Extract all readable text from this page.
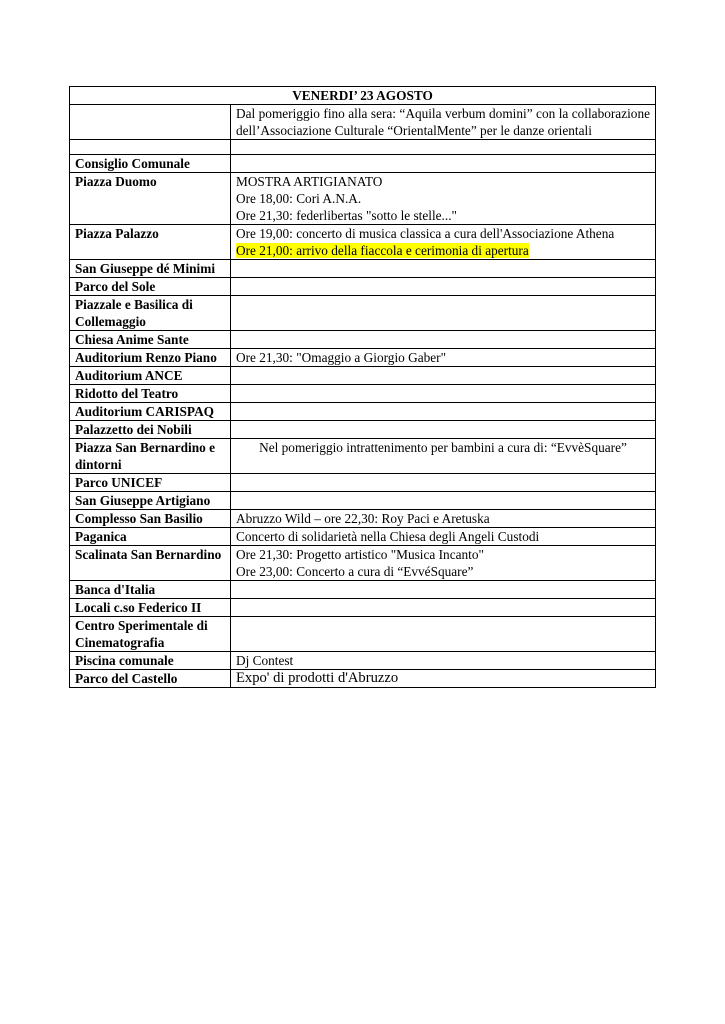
VENERDI’ 23 AGOSTO	
	Dal pomeriggio fino alla sera: “Aquila verbum domini” con la collaborazione dell’Associazione Culturale “OrientalMente” per le danze orientali

Consiglio Comunale	
Piazza Duomo	MOSTRA ARTIGIANATO
Ore 18,00: Cori A.N.A.
Ore 21,30: federlibertas "sotto le stelle..."

Piazza Palazzo	Ore 19,00: concerto di musica classica a cura dell'Associazione Athena
Ore 21,00: arrivo della fiaccola e cerimonia di apertura

San Giuseppe dé Minimi	
Parco del Sole	
Piazzale e Basilica di Collemaggio	
Chiesa Anime Sante	
Auditorium Renzo Piano	Ore 21,30: "Omaggio a Giorgio Gaber"

Auditorium ANCE	
Ridotto del Teatro	
Auditorium CARISPAQ	
Palazzetto dei Nobili	
Piazza San Bernardino e dintorni	Nel pomeriggio intrattenimento per bambini a cura di: “EvvèSquare”

Parco UNICEF	
San Giuseppe Artigiano	
Complesso San Basilio	Abruzzo Wild – ore 22,30: Roy Paci e Aretuska

Paganica	Concerto di solidarietà nella Chiesa degli Angeli Custodi

Scalinata San Bernardino	Ore 21,30: Progetto artistico "Musica Incanto"
Ore 23,00: Concerto a cura di “EvvéSquare”

Banca d'Italia	
Locali c.so Federico II	
Centro Sperimentale di Cinematografia	
Piscina comunale	Dj Contest

Parco del Castello	Expo' di prodotti d'Abruzzo
